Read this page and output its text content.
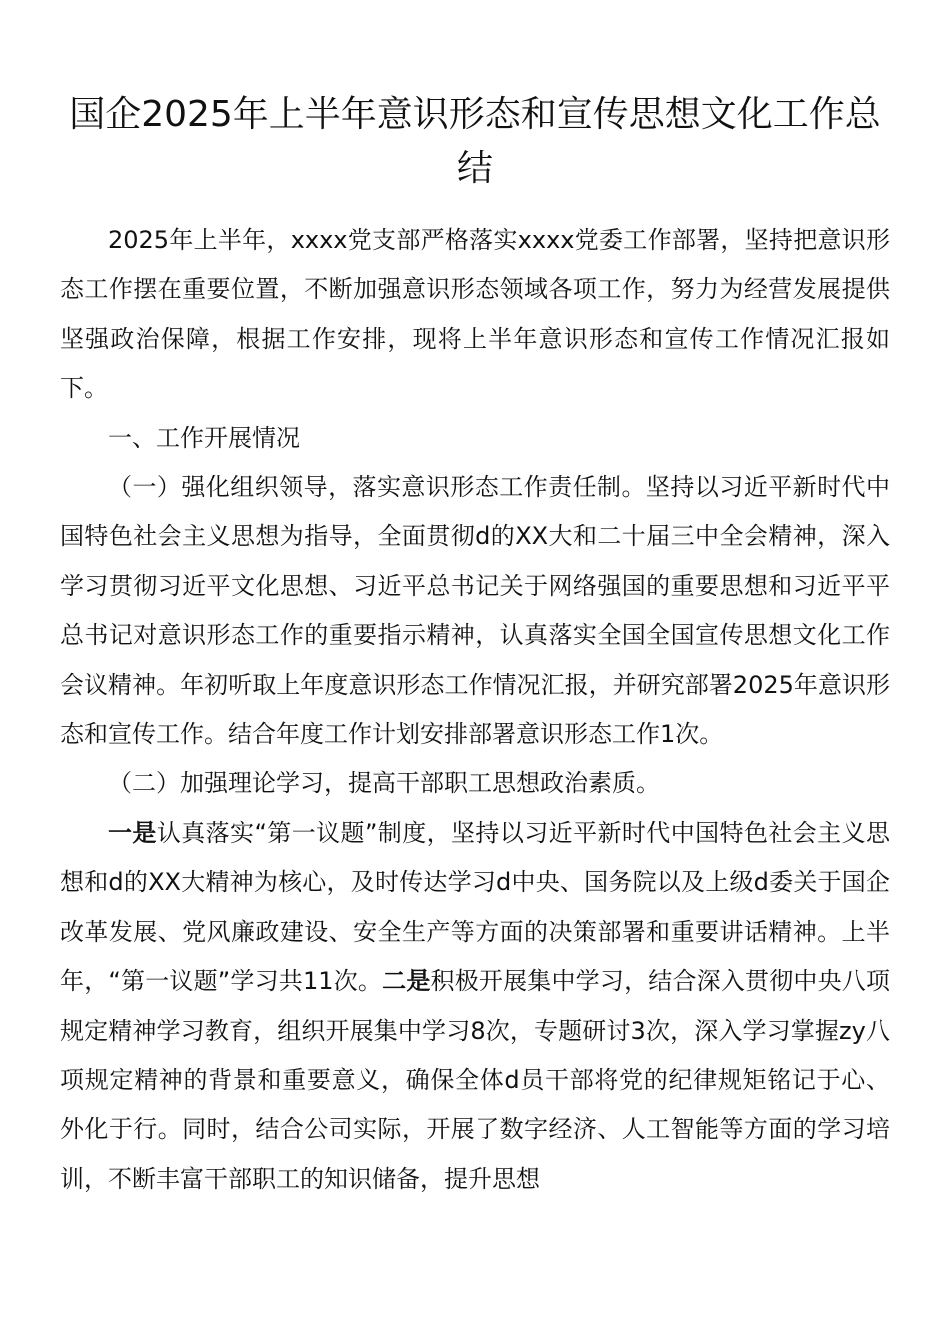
国企2025年上半年意识形态和宣传思想文化工作总结

2025年上半年，xxxx党支部严格落实xxxx党委工作部署，坚持把意识形态工作摆在重要位置，不断加强意识形态领域各项工作，努力为经营发展提供坚强政治保障，根据工作安排，现将上半年意识形态和宣传工作情况汇报如下。

一、工作开展情况

（一）强化组织领导，落实意识形态工作责任制。坚持以习近平新时代中国特色社会主义思想为指导，全面贯彻d的XX大和二十届三中全会精神，深入学习贯彻习近平文化思想、习近平总书记关于网络强国的重要思想和习近平平总书记对意识形态工作的重要指示精神，认真落实全国全国宣传思想文化工作会议精神。年初听取上年度意识形态工作情况汇报，并研究部署2025年意识形态和宣传工作。结合年度工作计划安排部署意识形态工作1次。

（二）加强理论学习，提高干部职工思想政治素质。

一是认真落实“第一议题”制度，坚持以习近平新时代中国特色社会主义思想和d的XX大精神为核心，及时传达学习d中央、国务院以及上级d委关于国企改革发展、党风廉政建设、安全生产等方面的决策部署和重要讲话精神。上半年，“第一议题”学习共11次。二是积极开展集中学习，结合深入贯彻中央八项规定精神学习教育，组织开展集中学习8次，专题研讨3次，深入学习掌握zy八项规定精神的背景和重要意义，确保全体d员干部将党的纪律规矩铭记于心、外化于行。同时，结合公司实际，开展了数字经济、人工智能等方面的学习培训，不断丰富干部职工的知识储备，提升思想
